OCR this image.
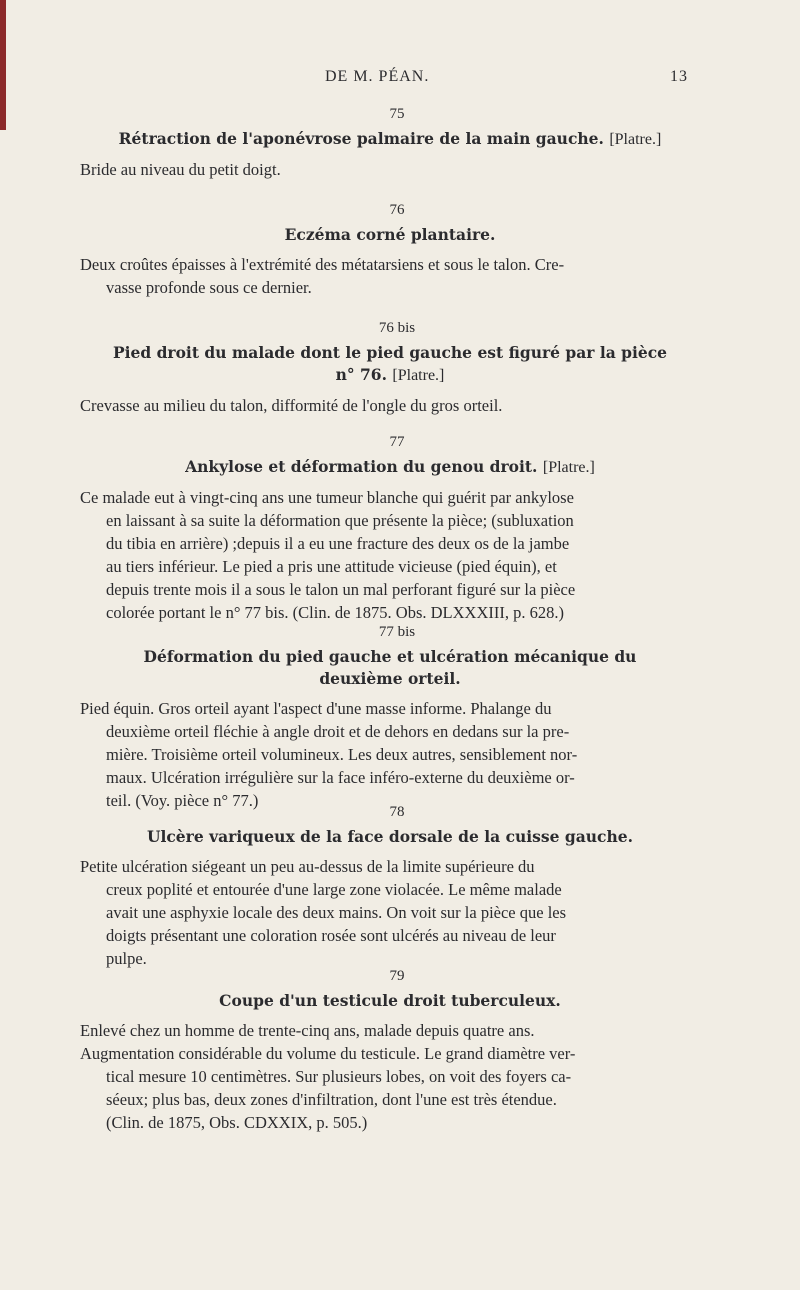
DE M. PÉAN.	13
75
Rétraction de l'aponévrose palmaire de la main gauche. [Platre.]
Bride au niveau du petit doigt.
76
Eczéma corné plantaire.
Deux croûtes épaisses à l'extrémité des métatarsiens et sous le talon. Cre-
vasse profonde sous ce dernier.
76 bis
Pied droit du malade dont le pied gauche est figuré par la pièce
n° 76. [Platre.]
Crevasse au milieu du talon, difformité de l'ongle du gros orteil.
77
Ankylose et déformation du genou droit. [Platre.]
Ce malade eut à vingt-cinq ans une tumeur blanche qui guérit par ankylose
en laissant à sa suite la déformation que présente la pièce; (subluxation
du tibia en arrière) ;depuis il a eu une fracture des deux os de la jambe
au tiers inférieur. Le pied a pris une attitude vicieuse (pied équin), et
depuis trente mois il a sous le talon un mal perforant figuré sur la pièce
colorée portant le n° 77 bis. (Clin. de 1875. Obs. DLXXXIII, p. 628.)
77 bis
Déformation du pied gauche et ulcération mécanique du
deuxième orteil.
Pied équin. Gros orteil ayant l'aspect d'une masse informe. Phalange du
deuxième orteil fléchie à angle droit et de dehors en dedans sur la pre-
mière. Troisième orteil volumineux. Les deux autres, sensiblement nor-
maux. Ulcération irrégulière sur la face inféro-externe du deuxième or-
teil. (Voy. pièce n° 77.)
78
Ulcère variqueux de la face dorsale de la cuisse gauche.
Petite ulcération siégeant un peu au-dessus de la limite supérieure du
creux poplité et entourée d'une large zone violacée. Le même malade
avait une asphyxie locale des deux mains. On voit sur la pièce que les
doigts présentant une coloration rosée sont ulcérés au niveau de leur
pulpe.
79
Coupe d'un testicule droit tuberculeux.
Enlevé chez un homme de trente-cinq ans, malade depuis quatre ans.
Augmentation considérable du volume du testicule. Le grand diamètre ver-
tical mesure 10 centimètres. Sur plusieurs lobes, on voit des foyers ca-
séeux; plus bas, deux zones d'infiltration, dont l'une est très étendue.
(Clin. de 1875, Obs. CDXXIX, p. 505.)
